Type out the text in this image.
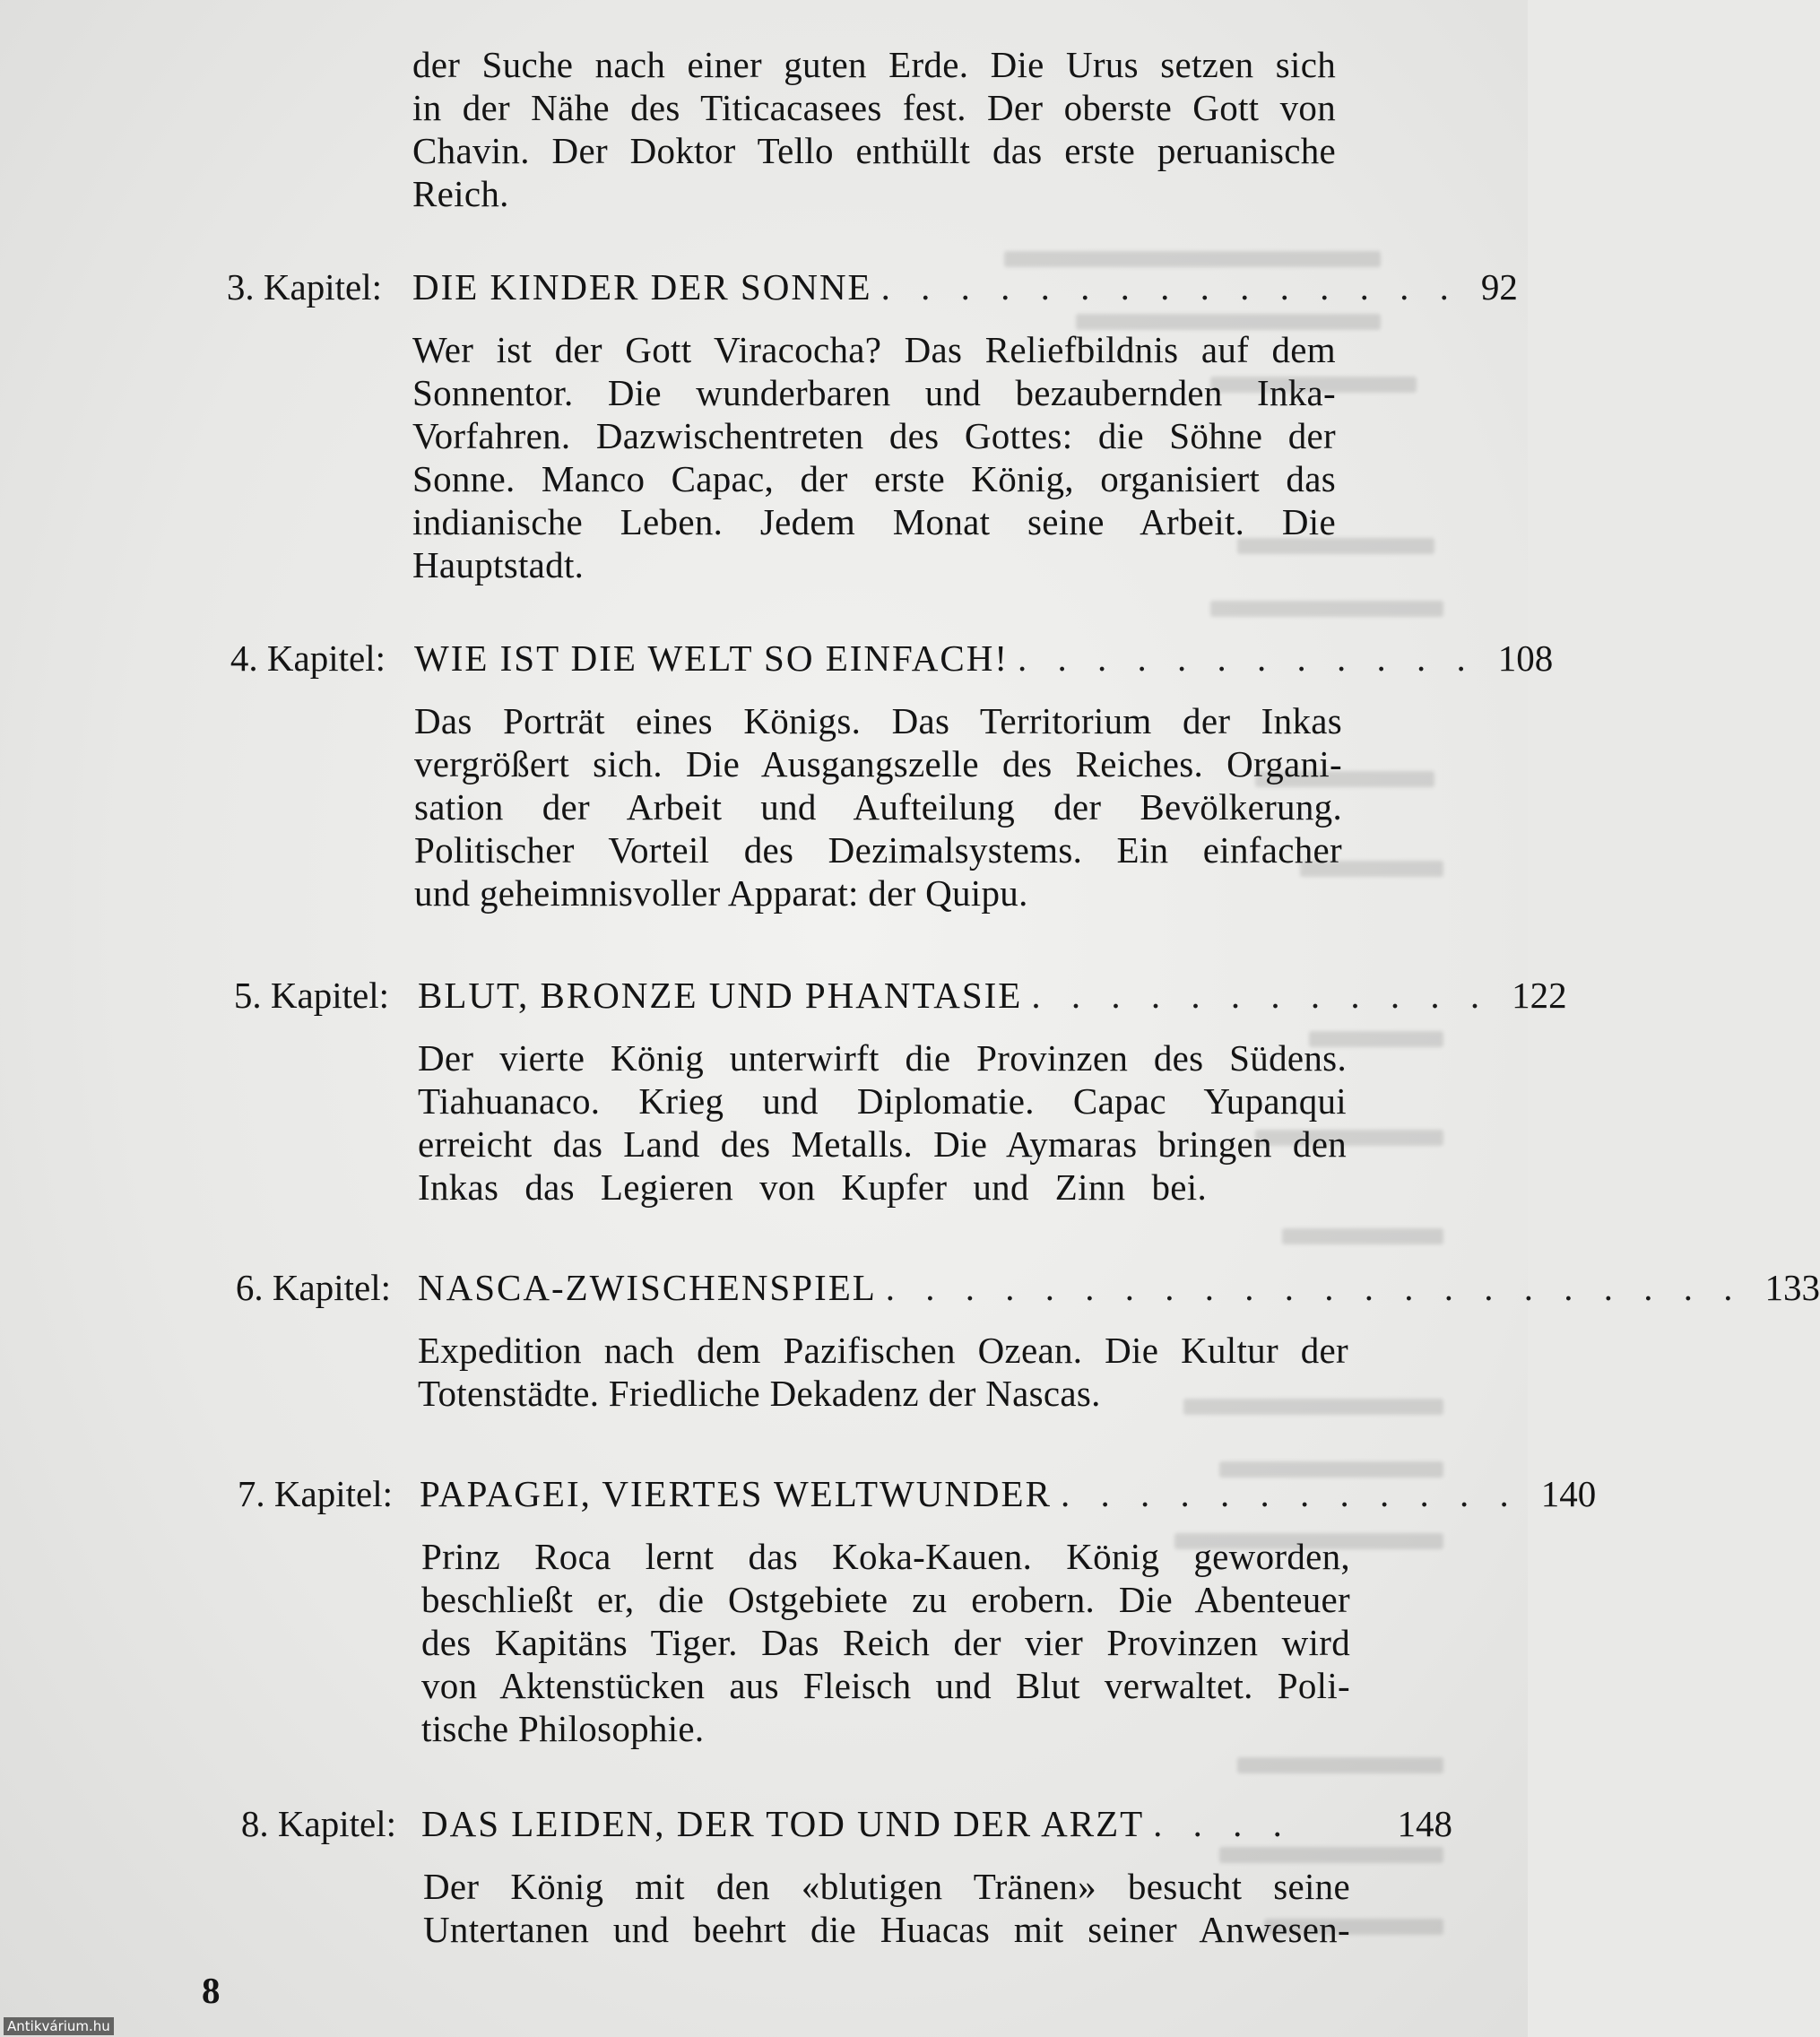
der Suche nach einer guten Erde. Die Urus setzen sich
in der Nähe des Titicacasees fest. Der oberste Gott von
Chavin. Der Doktor Tello enthüllt das erste peruanische
Reich.
3. Kapitel: DIE KINDER DER SONNE . . . . . . . . . . . . . . . 92
Wer ist der Gott Viracocha? Das Reliefbildnis auf dem
Sonnentor. Die wunderbaren und bezaubernden Inka-
Vorfahren. Dazwischentreten des Gottes: die Söhne der
Sonne. Manco Capac, der erste König, organisiert das
indianische Leben. Jedem Monat seine Arbeit. Die
Hauptstadt.
4. Kapitel: WIE IST DIE WELT SO EINFACH! . . . . . . . . . . . . 108
Das Porträt eines Königs. Das Territorium der Inkas
vergrößert sich. Die Ausgangszelle des Reiches. Organi-
sation der Arbeit und Aufteilung der Bevölkerung.
Politischer Vorteil des Dezimalsystems. Ein einfacher
und geheimnisvoller Apparat: der Quipu.
5. Kapitel: BLUT, BRONZE UND PHANTASIE . . . . . . . . . . . . 122
Der vierte König unterwirft die Provinzen des Südens.
Tiahuanaco. Krieg und Diplomatie. Capac Yupanqui
erreicht das Land des Metalls. Die Aymaras bringen den
Inkas das Legieren von Kupfer und Zinn bei.
6. Kapitel: NASCA-ZWISCHENSPIEL . . . . . . . . . . . . . . . . . . . . . . 133
Expedition nach dem Pazifischen Ozean. Die Kultur der
Totenstädte. Friedliche Dekadenz der Nascas.
7. Kapitel: PAPAGEI, VIERTES WELTWUNDER . . . . . . . . . . . . 140
Prinz Roca lernt das Koka-Kauen. König geworden,
beschließt er, die Ostgebiete zu erobern. Die Abenteuer
des Kapitäns Tiger. Das Reich der vier Provinzen wird
von Aktenstücken aus Fleisch und Blut verwaltet. Poli-
tische Philosophie.
8. Kapitel: DAS LEIDEN, DER TOD UND DER ARZT . . . .	148
Der König mit den «blutigen Tränen» besucht seine
Untertanen und beehrt die Huacas mit seiner Anwesen-
8
Antikvárium.hu
